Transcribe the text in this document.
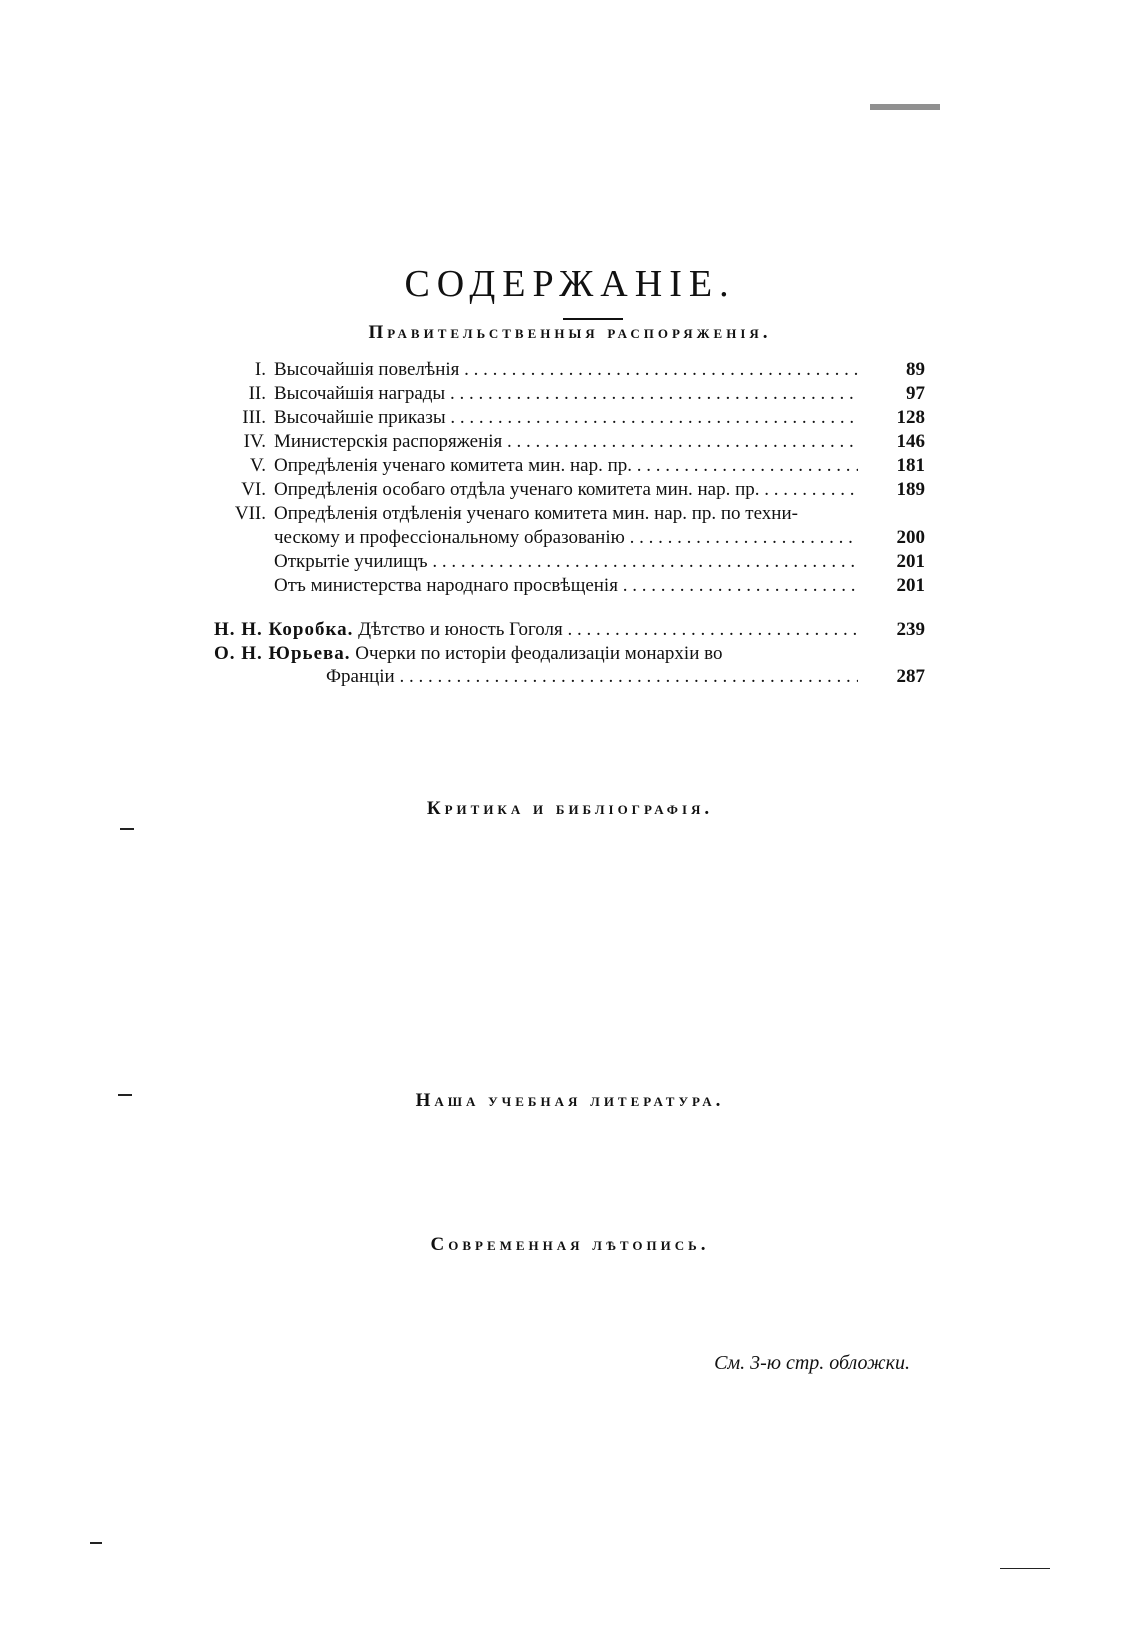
СОДЕРЖАНІЕ.
Правительственныя распоряженія.
I. Высочайшія повелѣнія . . .	89
II. Высочайшія награды . . .	97
III. Высочайшіе приказы . . .	128
IV. Министерскія распоряженія . . .	146
V. Опредѣленія ученаго комитета мин. нар. пр. . . .	181
VI. Опредѣленія особаго отдѣла ученаго комитета мин. нар. пр. . . .	189
VII. Опредѣленія отдѣленія ученаго комитета мин. нар. пр. по техни-
ческому и профессіональному образованію . . .	200
Открытіе училищъ . . .	201
Отъ министерства народнаго просвѣщенія . . .	201
Н. Н. Коробка. Дѣтство и юность Гоголя . . .	239
О. Н. Юрьева. Очерки по исторіи феодализаціи монархіи во
Франціи . . .	287
Критика и библіографія.
Наша учебная литература.
Современная лѣтопись.
См. 3-ю стр. обложки.
